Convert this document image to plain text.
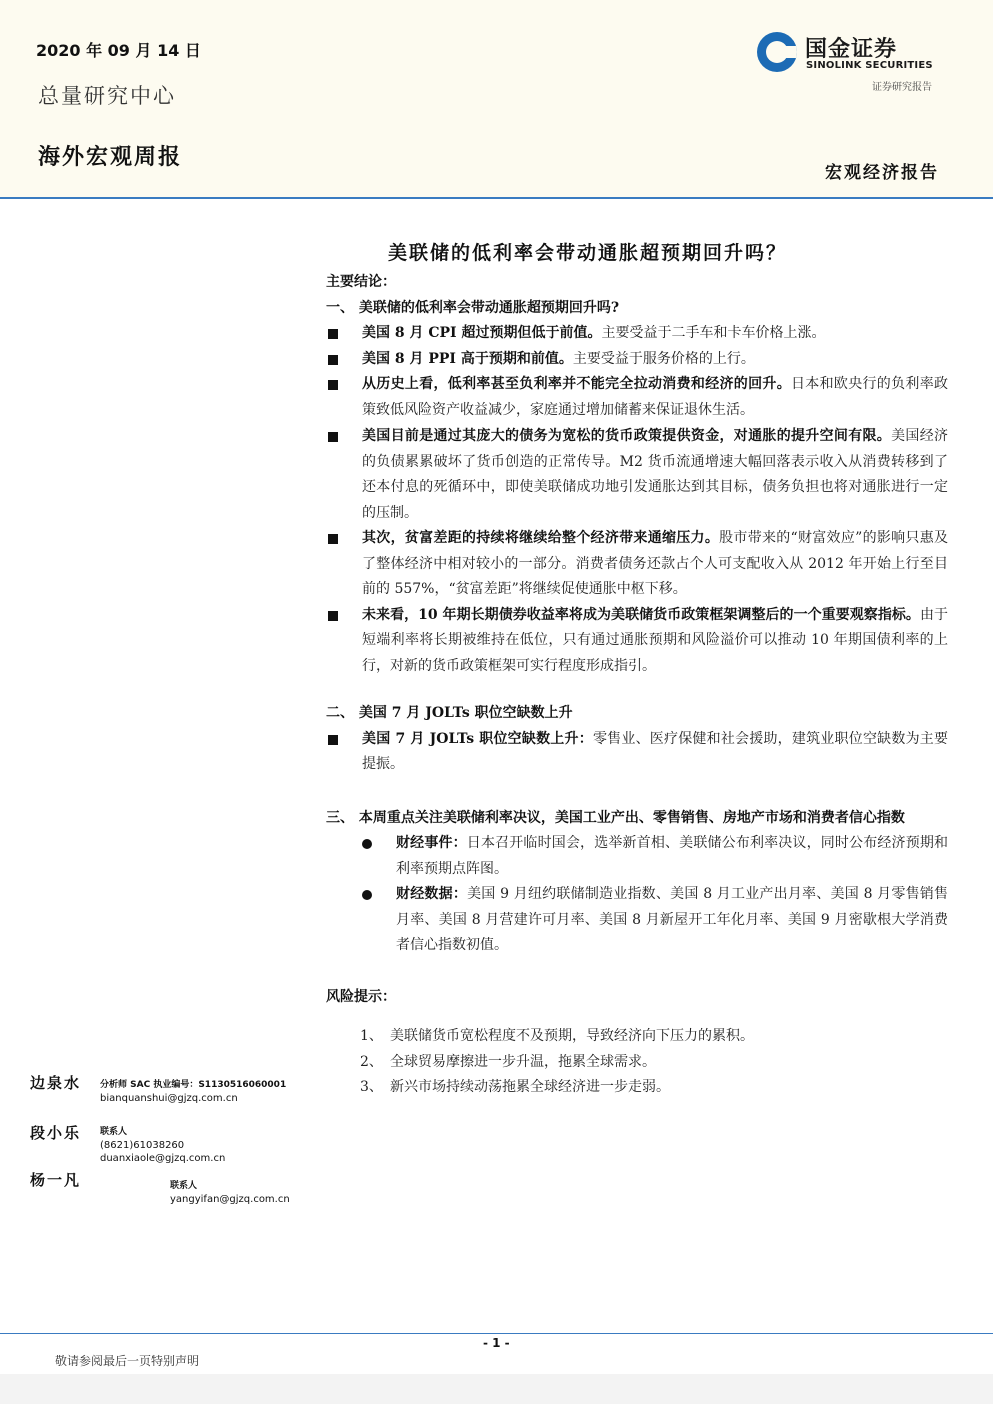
2020 年 09 月 14 日
总量研究中心
海外宏观周报
国金证券
SINOLINK SECURITIES
证券研究报告
宏观经济报告
美联储的低利率会带动通胀超预期回升吗？

主要结论：

一、 美联储的低利率会带动通胀超预期回升吗?

美国 8 月 CPI 超过预期但低于前值。主要受益于二手车和卡车价格上涨。
美国 8 月 PPI 高于预期和前值。主要受益于服务价格的上行。
从历史上看，低利率甚至负利率并不能完全拉动消费和经济的回升。日本和欧央行的负利率政策致低风险资产收益减少，家庭通过增加储蓄来保证退休生活。
美国目前是通过其庞大的债务为宽松的货币政策提供资金，对通胀的提升空间有限。美国经济的负债累累破坏了货币创造的正常传导。M2 货币流通增速大幅回落表示收入从消费转移到了还本付息的死循环中，即使美联储成功地引发通胀达到其目标，债务负担也将对通胀进行一定的压制。
其次，贫富差距的持续将继续给整个经济带来通缩压力。股市带来的“财富效应”的影响只惠及了整体经济中相对较小的一部分。消费者债务还款占个人可支配收入从 2012 年开始上行至目前的 557%，“贫富差距”将继续促使通胀中枢下移。
未来看，10 年期长期债券收益率将成为美联储货币政策框架调整后的一个重要观察指标。由于短端利率将长期被维持在低位，只有通过通胀预期和风险溢价可以推动 10 年期国债利率的上行，对新的货币政策框架可实行程度形成指引。

二、 美国 7 月 JOLTs 职位空缺数上升

美国 7 月 JOLTs 职位空缺数上升：零售业、医疗保健和社会援助，建筑业职位空缺数为主要提振。

三、 本周重点关注美联储利率决议，美国工业产出、零售销售、房地产市场和消费者信心指数

财经事件：日本召开临时国会，选举新首相、美联储公布利率决议，同时公布经济预期和利率预期点阵图。
财经数据：美国 9 月纽约联储制造业指数、美国 8 月工业产出月率、美国 8 月零售销售月率、美国 8 月营建许可月率、美国 8 月新屋开工年化月率、美国 9 月密歇根大学消费者信心指数初值。

风险提示：

1、 美联储货币宽松程度不及预期，导致经济向下压力的累积。
2、 全球贸易摩擦进一步升温，拖累全球需求。
3、 新兴市场持续动荡拖累全球经济进一步走弱。
边泉水 分析师 SAC 执业编号：S1130516060001
bianquanshui@gjzq.com.cn
段小乐 联系人
(8621)61038260
duanxiaole@gjzq.com.cn
杨一凡	联系人
yangyifan@gjzq.com.cn
- 1 -
敬请参阅最后一页特别声明
